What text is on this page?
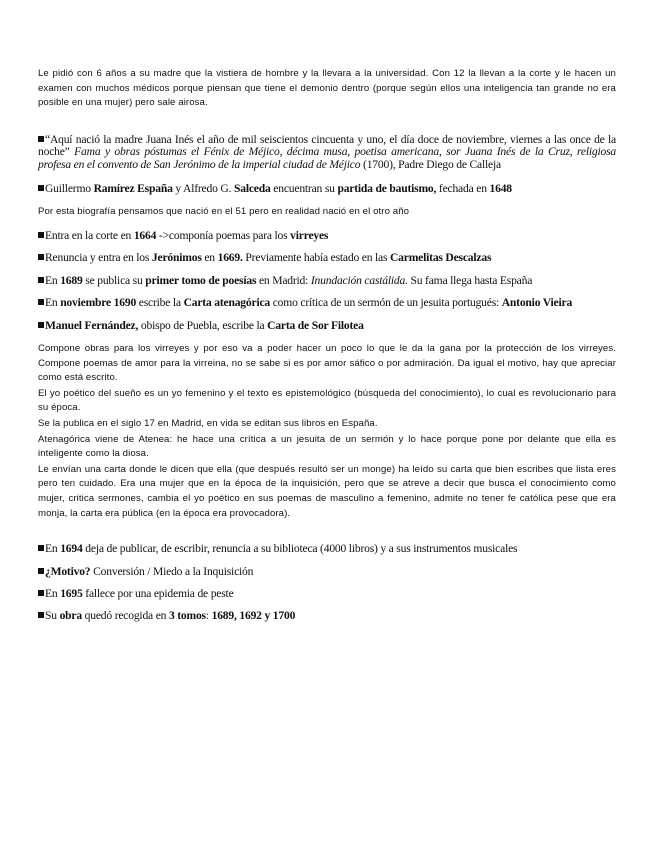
Le pidió con 6 años a su madre que la vistiera de hombre y la llevara a la universidad. Con 12 la llevan a la corte y le hacen un examen con muchos médicos porque piensan que tiene el demonio dentro (porque según ellos una inteligencia tan grande no era posible en una mujer) pero sale airosa.

“Aquí nació la madre Juana Inés el año de mil seiscientos cincuenta y uno, el día doce de noviembre, viernes a las once de la noche” Fama y obras póstumas el Fénix de Méjico, décima musa, poetisa americana, sor Juana Inés de la Cruz, religiosa profesa en el convento de San Jerónimo de la imperial ciudad de Méjico (1700), Padre Diego de Calleja

Guillermo Ramírez España y Alfredo G. Salceda encuentran su partida de bautismo, fechada en 1648

Por esta biografía pensamos que nació en el 51 pero en realidad nació en el otro año

Entra en la corte en 1664 ->componía poemas para los virreyes

Renuncia y entra en los Jerónimos en 1669. Previamente había estado en las Carmelitas Descalzas

En 1689 se publica su primer tomo de poesías en Madrid: Inundación castálida. Su fama llega hasta España

En noviembre 1690 escribe la Carta atenagórica como crítica de un sermón de un jesuita portugués: Antonio Vieira

Manuel Fernández, obispo de Puebla, escribe la Carta de Sor Filotea

Compone obras para los virreyes y por eso va a poder hacer un poco lo que le da la gana por la protección de los virreyes. Compone poemas de amor para la virreina, no se sabe si es por amor sáfico o por admiración. Da igual el motivo, hay que apreciar como está escrito.

El yo poético del sueño es un yo femenino y el texto es epistemológico (búsqueda del conocimiento), lo cual es revolucionario para su época.

Se la publica en el siglo 17 en Madrid, en vida se editan sus libros en España.

Atenagórica viene de Atenea: he hace una crítica a un jesuita de un sermón y lo hace porque pone por delante que ella es inteligente como la diosa.

Le envían una carta donde le dicen que ella (que después resultó ser un monge) ha leído su carta que bien escribes que lista eres pero ten cuidado. Era una mujer que en la época de la inquisición, pero que se atreve a decir que busca el conocimiento como mujer, critica sermones, cambia el yo poético en sus poemas de masculino a femenino, admite no tener fe católica pese que era monja, la carta era pública (en la época era provocadora).

En 1694 deja de publicar, de escribir, renuncia a su biblioteca (4000 libros) y a sus instrumentos musicales

¿Motivo? Conversión / Miedo a la Inquisición

En 1695 fallece por una epidemia de peste

Su obra quedó recogida en 3 tomos: 1689, 1692 y 1700
